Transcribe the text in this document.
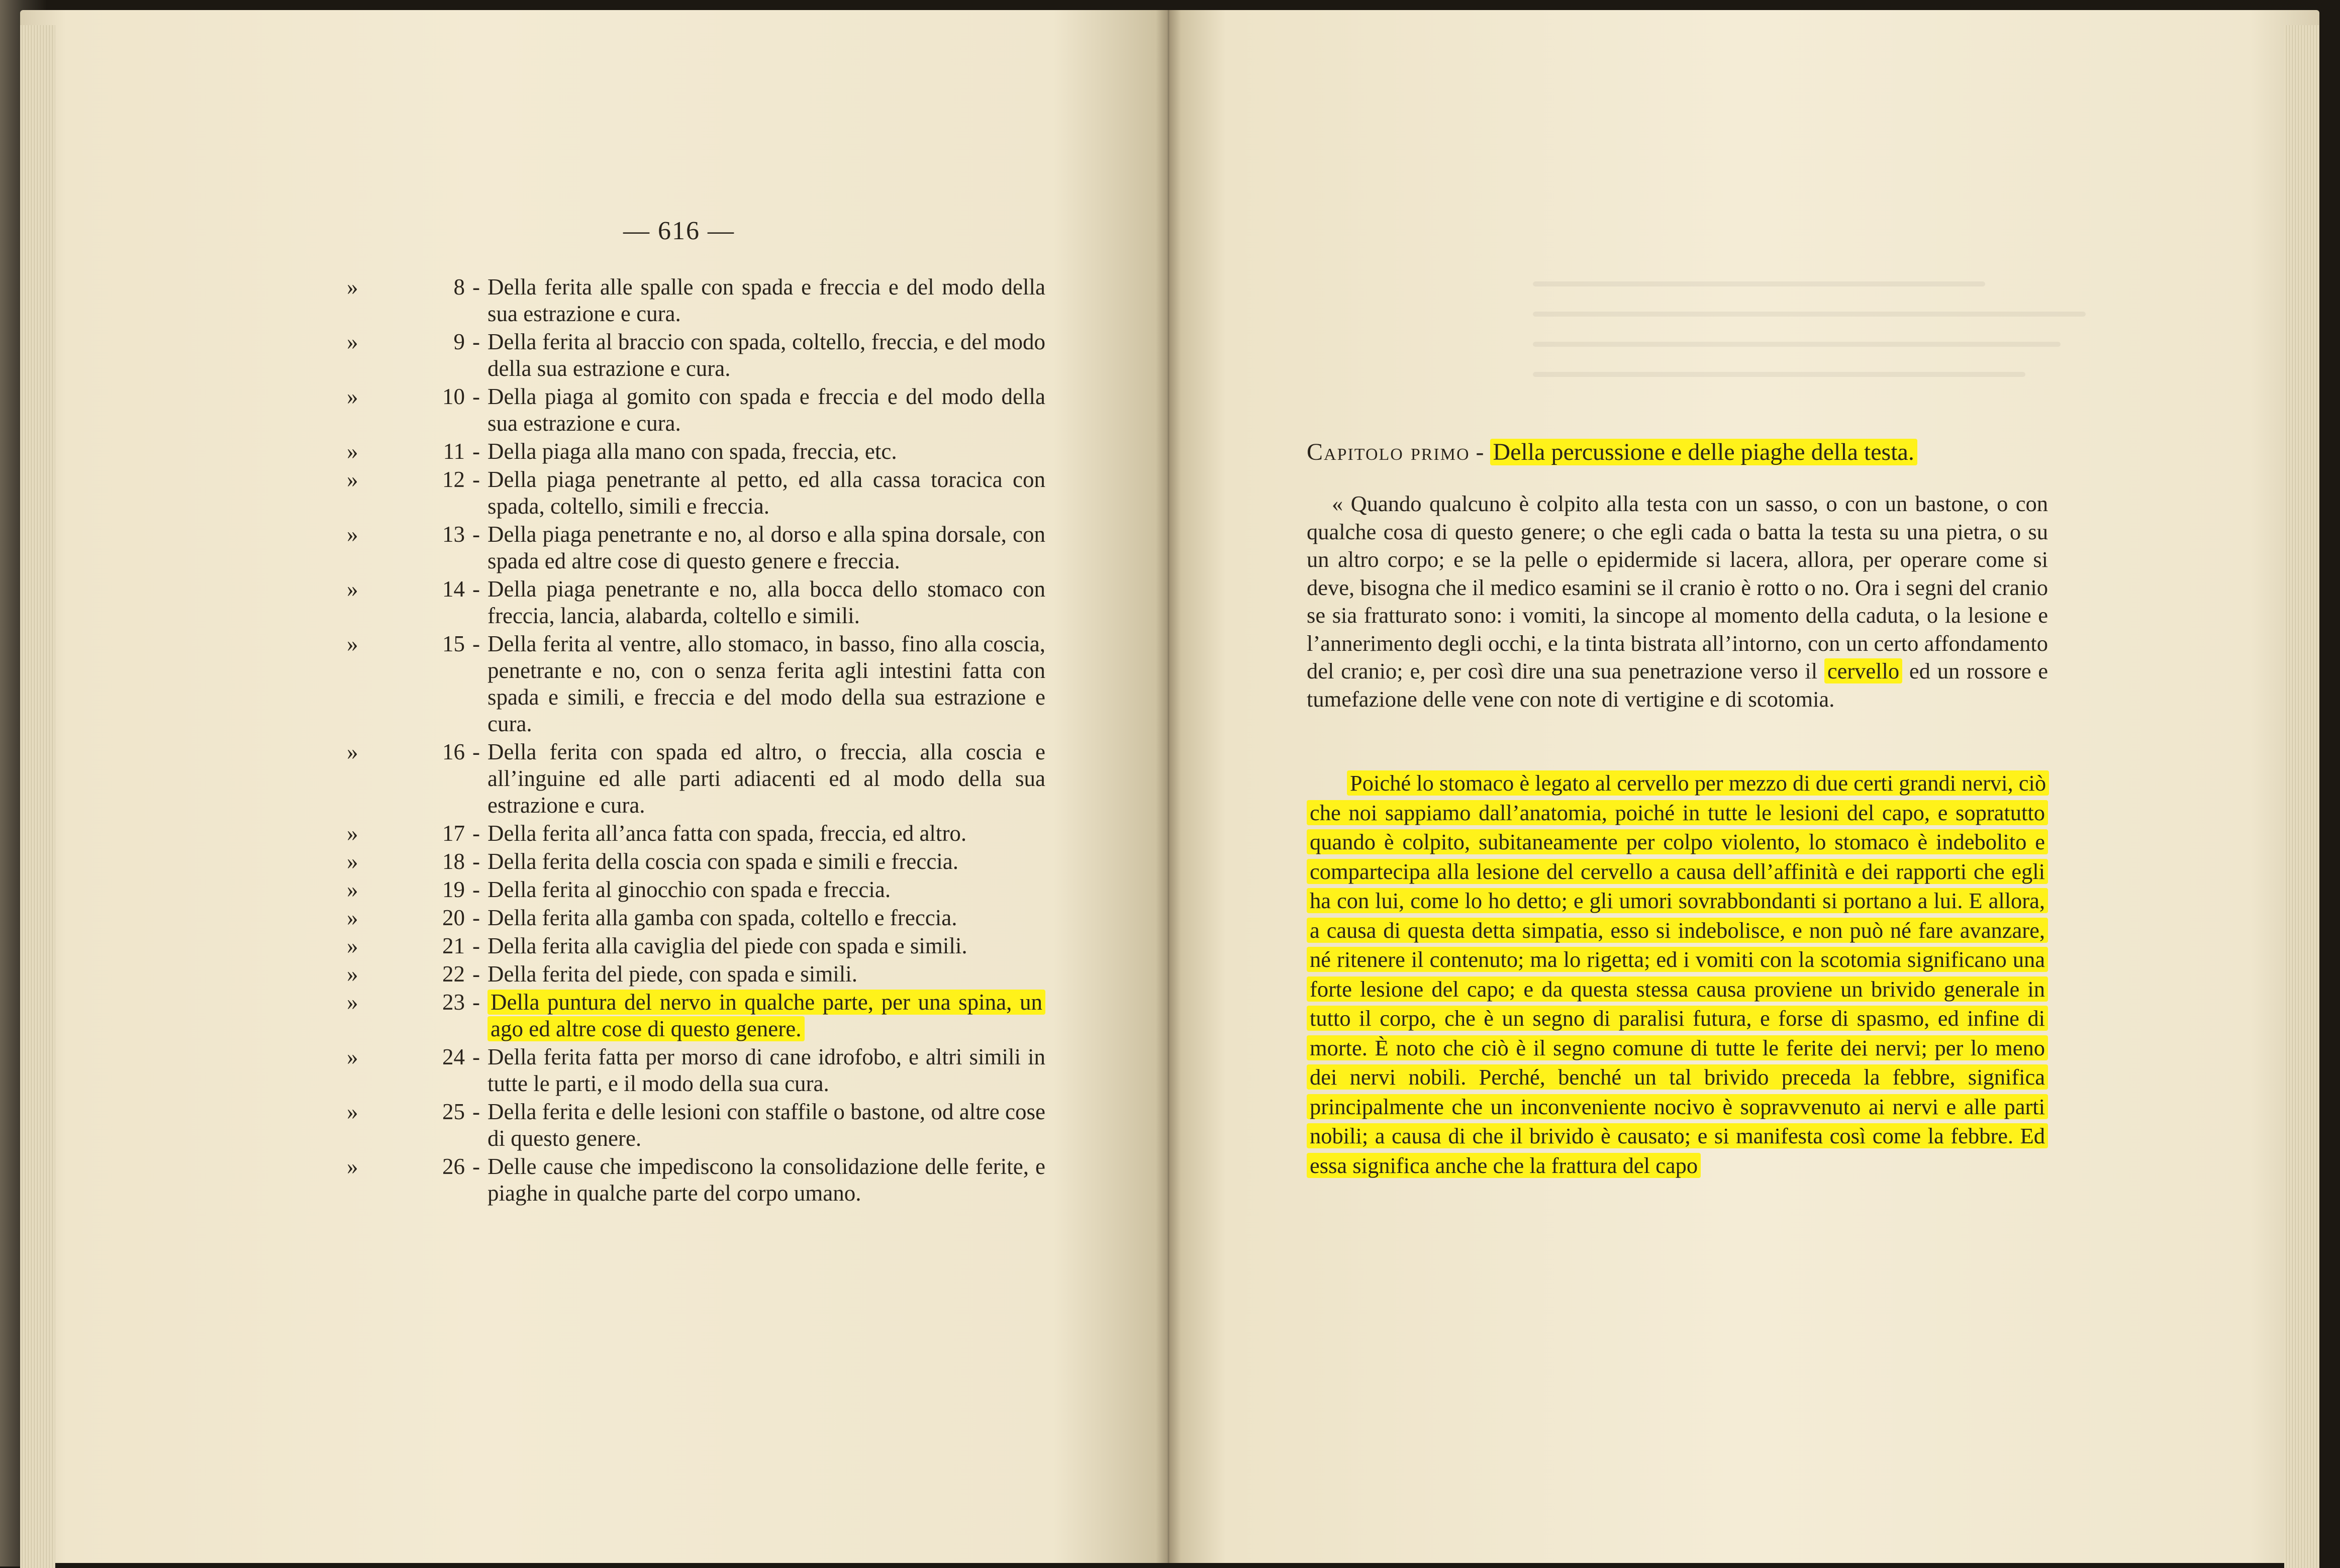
— 616 —
»	8 - Della ferita alle spalle con spada e freccia e del modo della sua estrazione e cura.
»	9 - Della ferita al braccio con spada, coltello, freccia, e del modo della sua estrazione e cura.
»	10 - Della piaga al gomito con spada e freccia e del modo della sua estrazione e cura.
»	11 - Della piaga alla mano con spada, freccia, etc.
»	12 - Della piaga penetrante al petto, ed alla cassa toracica con spada, coltello, simili e freccia.
»	13 - Della piaga penetrante e no, al dorso e alla spina dorsale, con spada ed altre cose di questo genere e freccia.
»	14 - Della piaga penetrante e no, alla bocca dello stomaco con freccia, lancia, alabarda, coltello e simili.
»	15 - Della ferita al ventre, allo stomaco, in basso, fino alla coscia, penetrante e no, con o senza ferita agli intestini fatta con spada e simili, e freccia e del modo della sua estrazione e cura.
»	16 - Della ferita con spada ed altro, o freccia, alla coscia e all’inguine ed alle parti adiacenti ed al modo della sua estrazione e cura.
»	17 - Della ferita all’anca fatta con spada, freccia, ed altro.
»	18 - Della ferita della coscia con spada e simili e freccia.
»	19 - Della ferita al ginocchio con spada e freccia.
»	20 - Della ferita alla gamba con spada, coltello e freccia.
»	21 - Della ferita alla caviglia del piede con spada e simili.
»	22 - Della ferita del piede, con spada e simili.
»	23 - Della puntura del nervo in qualche parte, per una spina, un ago ed altre cose di questo genere.
»	24 - Della ferita fatta per morso di cane idrofobo, e altri simili in tutte le parti, e il modo della sua cura.
»	25 - Della ferita e delle lesioni con staffile o bastone, od altre cose di questo genere.
»	26 - Delle cause che impediscono la consolidazione delle ferite, e piaghe in qualche parte del corpo umano.
Capitolo primo - Della percussione e delle piaghe della testa.

« Quando qualcuno è colpito alla testa con un sasso, o con un bastone, o con qualche cosa di questo genere; o che egli cada o batta la testa su una pietra, o su un altro corpo; e se la pelle o epidermide si lacera, allora, per operare come si deve, bisogna che il medico esamini se il cranio è rotto o no. Ora i segni del cranio se sia fratturato sono: i vomiti, la sincope al momento della caduta, o la lesione e l’annerimento degli occhi, e la tinta bistrata all’intorno, con un certo affondamento del cranio; e, per così dire una sua penetrazione verso il cervello ed un rossore e tumefazione delle vene con note di vertigine e di scotomia.

Poiché lo stomaco è legato al cervello per mezzo di due certi grandi nervi, ciò che noi sappiamo dall’anatomia, poiché in tutte le lesioni del capo, e sopratutto quando è colpito, subitaneamente per colpo violento, lo stomaco è indebolito e compartecipa alla lesione del cervello a causa dell’affinità e dei rapporti che egli ha con lui, come lo ho detto; e gli umori sovrabbondanti si portano a lui. E allora, a causa di questa detta simpatia, esso si indebolisce, e non può né fare avanzare, né ritenere il contenuto; ma lo rigetta; ed i vomiti con la scotomia significano una forte lesione del capo; e da questa stessa causa proviene un brivido generale in tutto il corpo, che è un segno di paralisi futura, e forse di spasmo, ed infine di morte. È noto che ciò è il segno comune di tutte le ferite dei nervi; per lo meno dei nervi nobili. Perché, benché un tal brivido preceda la febbre, significa principalmente che un inconveniente nocivo è sopravvenuto ai nervi e alle parti nobili; a causa di che il brivido è causato; e si manifesta così come la febbre. Ed essa significa anche che la frattura del capo
